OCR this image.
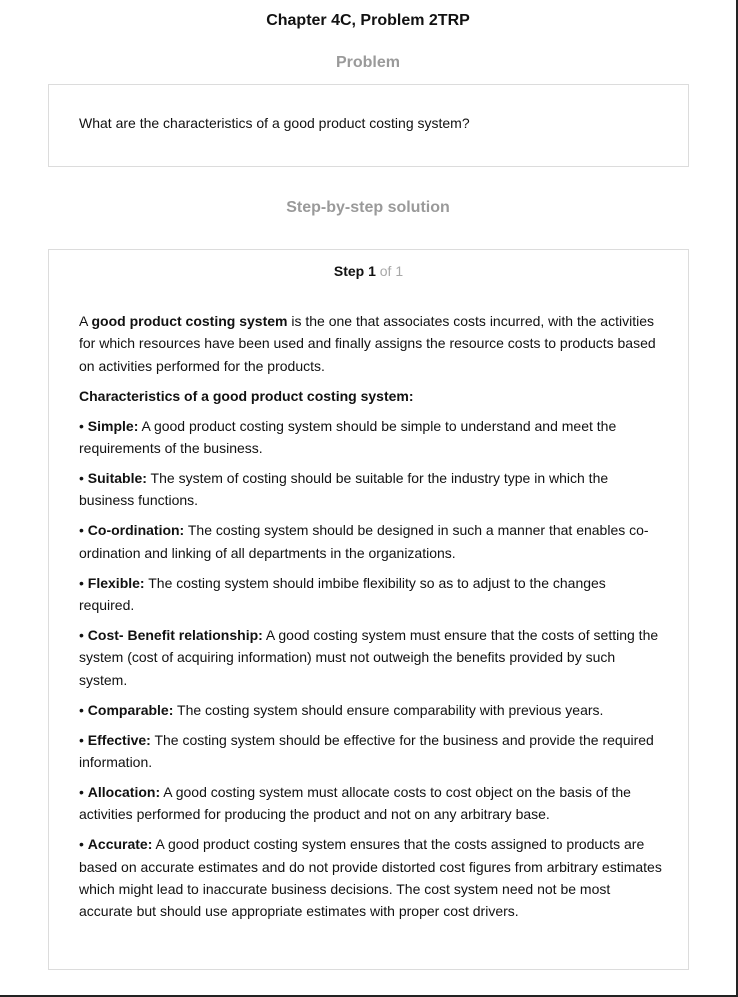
Chapter 4C, Problem 2TRP
Problem
What are the characteristics of a good product costing system?
Step-by-step solution
Step 1 of 1

A good product costing system is the one that associates costs incurred, with the activities for which resources have been used and finally assigns the resource costs to products based on activities performed for the products.

Characteristics of a good product costing system:

• Simple: A good product costing system should be simple to understand and meet the requirements of the business.

• Suitable: The system of costing should be suitable for the industry type in which the business functions.

• Co-ordination: The costing system should be designed in such a manner that enables co-ordination and linking of all departments in the organizations.

• Flexible: The costing system should imbibe flexibility so as to adjust to the changes required.

• Cost- Benefit relationship: A good costing system must ensure that the costs of setting the system (cost of acquiring information) must not outweigh the benefits provided by such system.

• Comparable: The costing system should ensure comparability with previous years.

• Effective: The costing system should be effective for the business and provide the required information.

• Allocation: A good costing system must allocate costs to cost object on the basis of the activities performed for producing the product and not on any arbitrary base.

• Accurate: A good product costing system ensures that the costs assigned to products are based on accurate estimates and do not provide distorted cost figures from arbitrary estimates which might lead to inaccurate business decisions. The cost system need not be most accurate but should use appropriate estimates with proper cost drivers.
